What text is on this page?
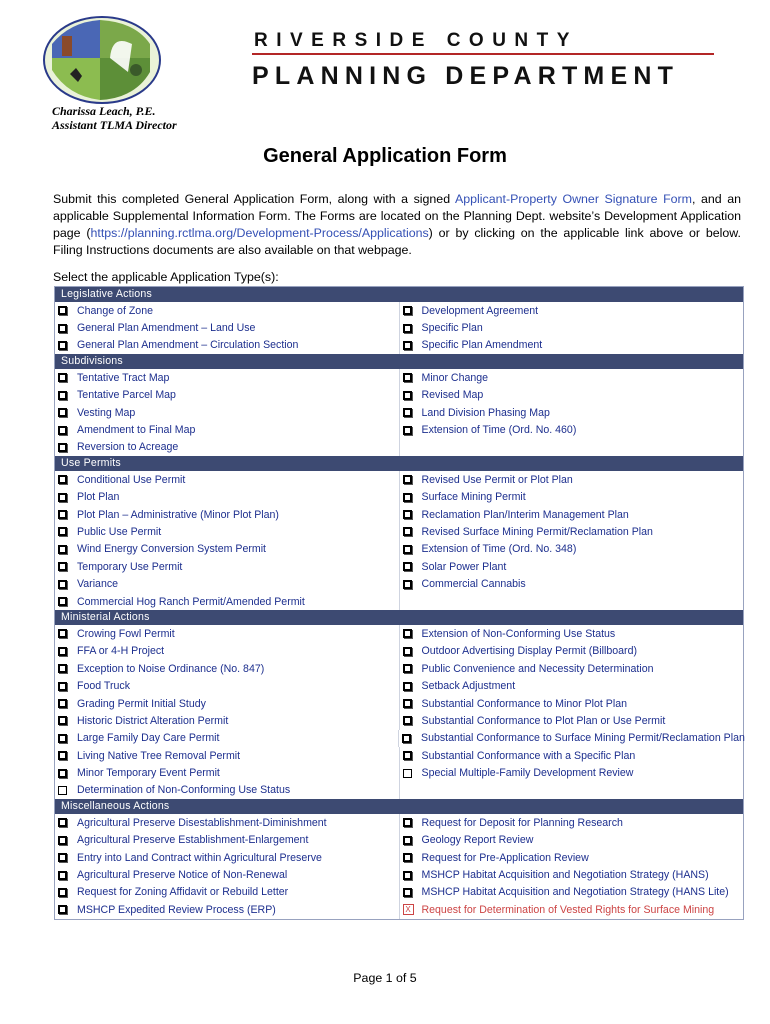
RIVERSIDE COUNTY
PLANNING DEPARTMENT
Charissa Leach, P.E.
Assistant TLMA Director
General Application Form
Submit this completed General Application Form, along with a signed Applicant-Property Owner Signature Form, and an applicable Supplemental Information Form. The Forms are located on the Planning Dept. website’s Development Application page (https://planning.rctlma.org/Development-Process/Applications) or by clicking on the applicable link above or below. Filing Instructions documents are also available on that webpage.
Select the applicable Application Type(s):
Legislative Actions
Change of Zone	Development Agreement
General Plan Amendment – Land Use	Specific Plan
General Plan Amendment – Circulation Section	Specific Plan Amendment
Subdivisions
Tentative Tract Map	Minor Change
Tentative Parcel Map	Revised Map
Vesting Map	Land Division Phasing Map
Amendment to Final Map	Extension of Time (Ord. No. 460)
Reversion to Acreage
Use Permits
Conditional Use Permit	Revised Use Permit or Plot Plan
Plot Plan	Surface Mining Permit
Plot Plan – Administrative (Minor Plot Plan)	Reclamation Plan/Interim Management Plan
Public Use Permit	Revised Surface Mining Permit/Reclamation Plan
Wind Energy Conversion System Permit	Extension of Time (Ord. No. 348)
Temporary Use Permit	Solar Power Plant
Variance	Commercial Cannabis
Commercial Hog Ranch Permit/Amended Permit
Ministerial Actions
Crowing Fowl Permit	Extension of Non-Conforming Use Status
FFA or 4-H Project	Outdoor Advertising Display Permit (Billboard)
Exception to Noise Ordinance (No. 847)	Public Convenience and Necessity Determination
Food Truck	Setback Adjustment
Grading Permit Initial Study	Substantial Conformance to Minor Plot Plan
Historic District Alteration Permit	Substantial Conformance to Plot Plan or Use Permit
Large Family Day Care Permit	Substantial Conformance to Surface Mining Permit/Reclamation Plan
Living Native Tree Removal Permit	Substantial Conformance with a Specific Plan
Minor Temporary Event Permit	Special Multiple-Family Development Review
Determination of Non-Conforming Use Status
Miscellaneous Actions
Agricultural Preserve Disestablishment-Diminishment	Request for Deposit for Planning Research
Agricultural Preserve Establishment-Enlargement	Geology Report Review
Entry into Land Contract within Agricultural Preserve	Request for Pre-Application Review
Agricultural Preserve Notice of Non-Renewal	MSHCP Habitat Acquisition and Negotiation Strategy (HANS)
Request for Zoning Affidavit or Rebuild Letter	MSHCP Habitat Acquisition and Negotiation Strategy (HANS Lite)
MSHCP Expedited Review Process (ERP)	X Request for Determination of Vested Rights for Surface Mining
Page 1 of 5
